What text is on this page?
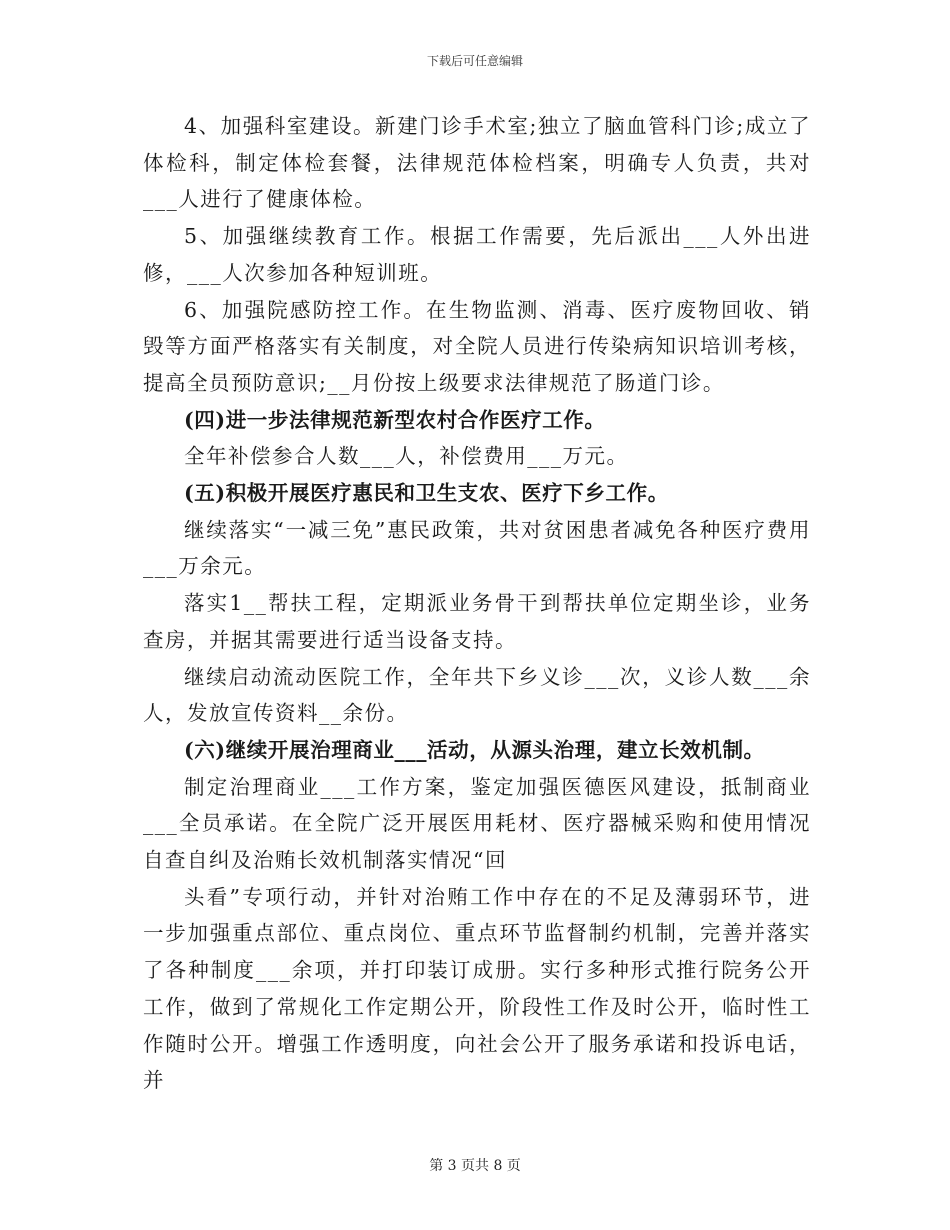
下载后可任意编辑

4、加强科室建设。新建门诊手术室;独立了脑血管科门诊;成立了体检科，制定体检套餐，法律规范体检档案，明确专人负责，共对___人进行了健康体检。

5、加强继续教育工作。根据工作需要，先后派出___人外出进修，___人次参加各种短训班。

6、加强院感防控工作。在生物监测、消毒、医疗废物回收、销毁等方面严格落实有关制度，对全院人员进行传染病知识培训考核，提高全员预防意识;__月份按上级要求法律规范了肠道门诊。

(四)进一步法律规范新型农村合作医疗工作。

全年补偿参合人数___人，补偿费用___万元。

(五)积极开展医疗惠民和卫生支农、医疗下乡工作。

继续落实“一减三免”惠民政策，共对贫困患者减免各种医疗费用___万余元。

落实1__帮扶工程，定期派业务骨干到帮扶单位定期坐诊，业务查房，并据其需要进行适当设备支持。

继续启动流动医院工作，全年共下乡义诊___次，义诊人数___余人，发放宣传资料__余份。

(六)继续开展治理商业___活动，从源头治理，建立长效机制。

制定治理商业___工作方案，鉴定加强医德医风建设，抵制商业___全员承诺。在全院广泛开展医用耗材、医疗器械采购和使用情况自查自纠及治贿长效机制落实情况“回

头看”专项行动，并针对治贿工作中存在的不足及薄弱环节，进一步加强重点部位、重点岗位、重点环节监督制约机制，完善并落实了各种制度___余项，并打印装订成册。实行多种形式推行院务公开工作，做到了常规化工作定期公开，阶段性工作及时公开，临时性工作随时公开。增强工作透明度，向社会公开了服务承诺和投诉电话，并

第 3 页共 8 页
